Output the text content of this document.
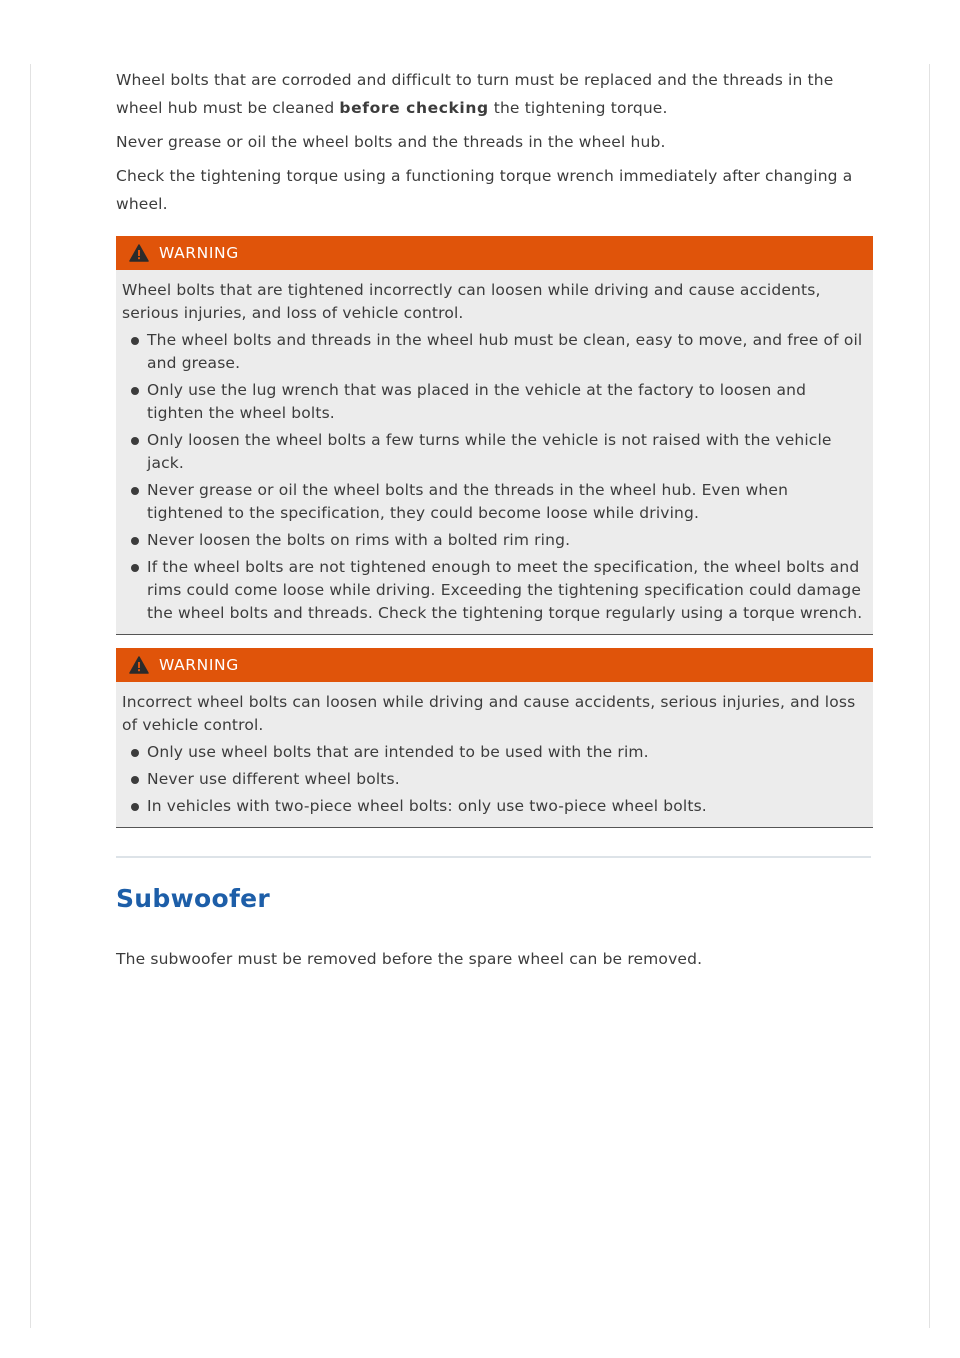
Wheel bolts that are corroded and difficult to turn must be replaced and the threads in the wheel hub must be cleaned before checking the tightening torque.

Never grease or oil the wheel bolts and the threads in the wheel hub.

Check the tightening torque using a functioning torque wrench immediately after changing a wheel.

WARNING

Wheel bolts that are tightened incorrectly can loosen while driving and cause accidents, serious injuries, and loss of vehicle control.

The wheel bolts and threads in the wheel hub must be clean, easy to move, and free of oil and grease.
Only use the lug wrench that was placed in the vehicle at the factory to loosen and tighten the wheel bolts.
Only loosen the wheel bolts a few turns while the vehicle is not raised with the vehicle jack.
Never grease or oil the wheel bolts and the threads in the wheel hub. Even when tightened to the specification, they could become loose while driving.
Never loosen the bolts on rims with a bolted rim ring.
If the wheel bolts are not tightened enough to meet the specification, the wheel bolts and rims could come loose while driving. Exceeding the tightening specification could damage the wheel bolts and threads. Check the tightening torque regularly using a torque wrench.
WARNING

Incorrect wheel bolts can loosen while driving and cause accidents, serious injuries, and loss of vehicle control.

Only use wheel bolts that are intended to be used with the rim.
Never use different wheel bolts.
In vehicles with two-piece wheel bolts: only use two-piece wheel bolts.
Subwoofer

The subwoofer must be removed before the spare wheel can be removed.
